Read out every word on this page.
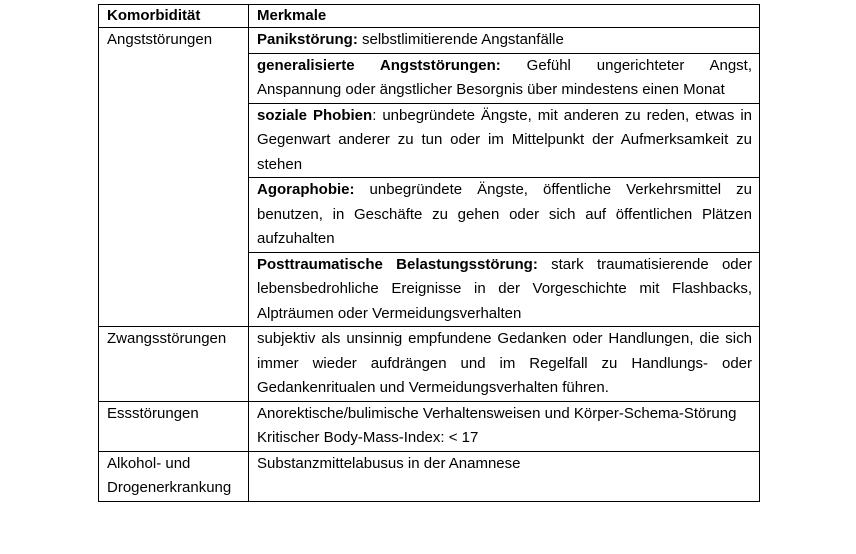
Komorbidität	Merkmale
Angststörungen	Panikstörung: selbstlimitierende Angstanfälle
	generalisierte Angststörungen: Gefühl ungerichteter Angst, Anspannung oder ängstlicher Besorgnis über mindestens einen Monat
	soziale Phobien: unbegründete Ängste, mit anderen zu reden, etwas in Gegenwart anderer zu tun oder im Mittelpunkt der Aufmerksamkeit zu stehen
	Agoraphobie: unbegründete Ängste, öffentliche Verkehrsmittel zu benutzen, in Geschäfte zu gehen oder sich auf öffentlichen Plätzen aufzuhalten
	Posttraumatische Belastungsstörung: stark traumatisierende oder lebensbedrohliche Ereignisse in der Vorgeschichte mit Flashbacks, Alpträumen oder Vermeidungsverhalten
Zwangsstörungen	subjektiv als unsinnig empfundene Gedanken oder Handlungen, die sich immer wieder aufdrängen und im Regelfall zu Handlungs- oder Gedankenritualen und Vermeidungsverhalten führen.
Essstörungen	Anorektische/bulimische Verhaltensweisen und Körper-Schema-Störung
Kritischer Body-Mass-Index: < 17

Alkohol- und Drogenerkrankung	Substanzmittelabusus in der Anamnese
